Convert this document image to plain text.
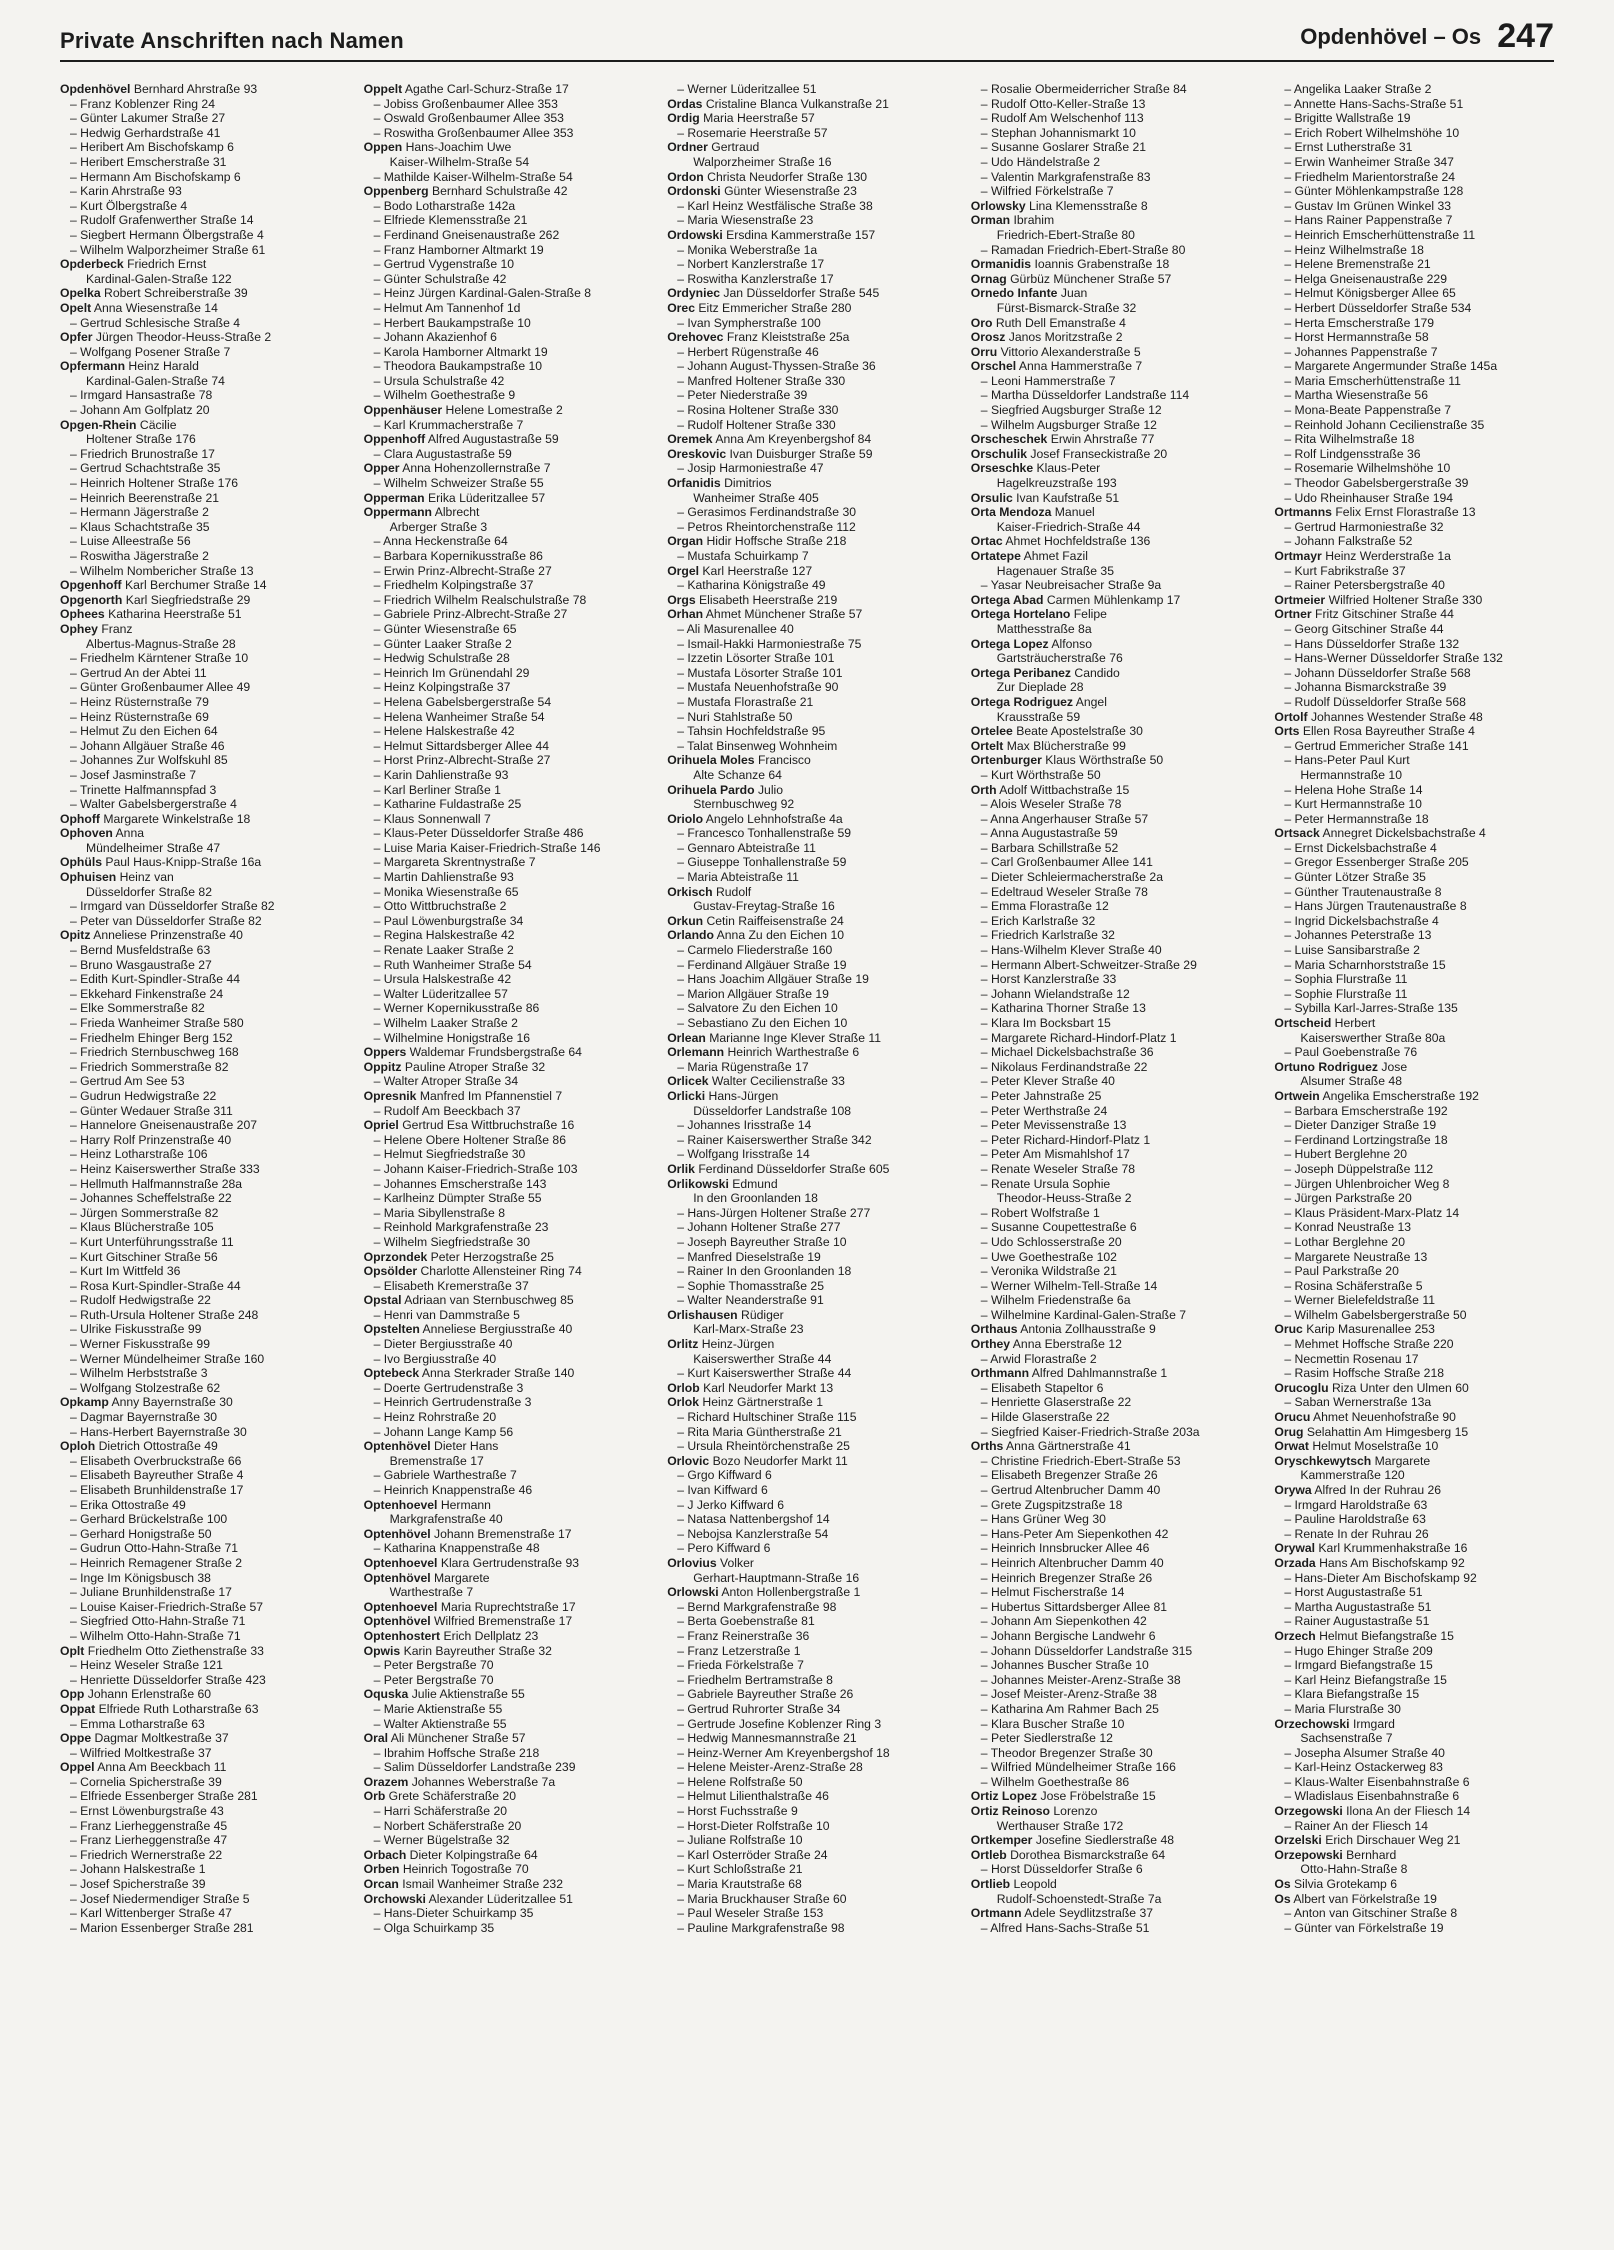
Private Anschriften nach Namen	Opdenhövel – Os 247
Opdenhövel Bernhard Ahrstraße 93
– Franz Koblenzer Ring 24
– Günter Lakumer Straße 27
– Hedwig Gerhardstraße 41
– Heribert Am Bischofskamp 6
– Heribert Emscherstraße 31
– Hermann Am Bischofskamp 6
– Karin Ahrstraße 93
– Kurt Ölbergstraße 4
– Rudolf Grafenwerther Straße 14
– Siegbert Hermann Ölbergstraße 4
– Wilhelm Walporzheimer Straße 61
Opderbeck Friedrich Ernst
Kardinal-Galen-Straße 122
Opelka Robert Schreiberstraße 39
Opelt Anna Wiesenstraße 14
– Gertrud Schlesische Straße 4
Opfer Jürgen Theodor-Heuss-Straße 2
– Wolfgang Posener Straße 7
Opfermann Heinz Harald
Kardinal-Galen-Straße 74
– Irmgard Hansastraße 78
– Johann Am Golfplatz 20
Opgen-Rhein Cäcilie
Holtener Straße 176
– Friedrich Brunostraße 17
– Gertrud Schachtstraße 35
– Heinrich Holtener Straße 176
– Heinrich Beerenstraße 21
– Hermann Jägerstraße 2
– Klaus Schachtstraße 35
– Luise Alleestraße 56
– Roswitha Jägerstraße 2
– Wilhelm Nombericher Straße 13
Opgenhoff Karl Berchumer Straße 14
Opgenorth Karl Siegfriedstraße 29
Ophees Katharina Heerstraße 51
Ophey Franz
Albertus-Magnus-Straße 28
– Friedhelm Kärntener Straße 10
– Gertrud An der Abtei 11
– Günter Großenbaumer Allee 49
– Heinz Rüsternstraße 79
– Heinz Rüsternstraße 69
– Helmut Zu den Eichen 64
– Johann Allgäuer Straße 46
– Johannes Zur Wolfskuhl 85
– Josef Jasminstraße 7
– Trinette Halfmannspfad 3
– Walter Gabelsbergerstraße 4
Ophoff Margarete Winkelstraße 18
Ophoven Anna
Mündelheimer Straße 47
Ophüls Paul Haus-Knipp-Straße 16a
Ophuisen Heinz van
Düsseldorfer Straße 82
– Irmgard van Düsseldorfer Straße 82
– Peter van Düsseldorfer Straße 82
Opitz Anneliese Prinzenstraße 40
– Bernd Musfeldstraße 63
– Bruno Wasgaustraße 27
– Edith Kurt-Spindler-Straße 44
– Ekkehard Finkenstraße 24
– Elke Sommerstraße 82
– Frieda Wanheimer Straße 580
– Friedhelm Ehinger Berg 152
– Friedrich Sternbuschweg 168
– Friedrich Sommerstraße 82
– Gertrud Am See 53
– Gudrun Hedwigstraße 22
– Günter Wedauer Straße 311
– Hannelore Gneisenaustraße 207
– Harry Rolf Prinzenstraße 40
– Heinz Lotharstraße 106
– Heinz Kaiserswerther Straße 333
– Hellmuth Halfmannstraße 28a
– Johannes Scheffelstraße 22
– Jürgen Sommerstraße 82
– Klaus Blücherstraße 105
– Kurt Unterführungsstraße 11
– Kurt Gitschiner Straße 56
– Kurt Im Wittfeld 36
– Rosa Kurt-Spindler-Straße 44
– Rudolf Hedwigstraße 22
– Ruth-Ursula Holtener Straße 248
– Ulrike Fiskusstraße 99
– Werner Fiskusstraße 99
– Werner Mündelheimer Straße 160
– Wilhelm Herbststraße 3
– Wolfgang Stolzestraße 62
Opkamp Anny Bayernstraße 30
– Dagmar Bayernstraße 30
– Hans-Herbert Bayernstraße 30
Oploh Dietrich Ottostraße 49
– Elisabeth Overbruckstraße 66
– Elisabeth Bayreuther Straße 4
– Elisabeth Brunhildenstraße 17
– Erika Ottostraße 49
– Gerhard Brückelstraße 100
– Gerhard Honigstraße 50
– Gudrun Otto-Hahn-Straße 71
– Heinrich Remagener Straße 2
– Inge Im Königsbusch 38
– Juliane Brunhildenstraße 17
– Louise Kaiser-Friedrich-Straße 57
– Siegfried Otto-Hahn-Straße 71
– Wilhelm Otto-Hahn-Straße 71
Oplt Friedhelm Otto Ziethenstraße 33
– Heinz Weseler Straße 121
– Henriette Düsseldorfer Straße 423
Opp Johann Erlenstraße 60
Oppat Elfriede Ruth Lotharstraße 63
– Emma Lotharstraße 63
Oppe Dagmar Moltkestraße 37
– Wilfried Moltkestraße 37
Oppel Anna Am Beeckbach 11
– Cornelia Spicherstraße 39
– Elfriede Essenberger Straße 281
– Ernst Löwenburgstraße 43
– Franz Lierheggenstraße 45
– Franz Lierheggenstraße 47
– Friedrich Wernerstraße 22
– Johann Halskestraße 1
– Josef Spicherstraße 39
– Josef Niedermendiger Straße 5
– Karl Wittenberger Straße 47
– Marion Essenberger Straße 281
Oppelt Agathe Carl-Schurz-Straße 17
– Jobiss Großenbaumer Allee 353
– Oswald Großenbaumer Allee 353
– Roswitha Großenbaumer Allee 353
Oppen Hans-Joachim Uwe
Kaiser-Wilhelm-Straße 54
– Mathilde Kaiser-Wilhelm-Straße 54
Oppenberg Bernhard Schulstraße 42
– Bodo Lotharstraße 142a
– Elfriede Klemensstraße 21
– Ferdinand Gneisenaustraße 262
– Franz Hamborner Altmarkt 19
– Gertrud Vygenstraße 10
– Günter Schulstraße 42
– Heinz Jürgen Kardinal-Galen-Straße 8
– Helmut Am Tannenhof 1d
– Herbert Baukampstraße 10
– Johann Akazienhof 6
– Karola Hamborner Altmarkt 19
– Theodora Baukampstraße 10
– Ursula Schulstraße 42
– Wilhelm Goethestraße 9
Oppenhäuser Helene Lomestraße 2
– Karl Krummacherstraße 7
Oppenhoff Alfred Augustastraße 59
– Clara Augustastraße 59
Opper Anna Hohenzollernstraße 7
– Wilhelm Schweizer Straße 55
Opperman Erika Lüderitzallee 57
Oppermann Albrecht
Arberger Straße 3
– Anna Heckenstraße 64
– Barbara Kopernikusstraße 86
– Erwin Prinz-Albrecht-Straße 27
– Friedhelm Kolpingstraße 37
– Friedrich Wilhelm Realschulstraße 78
– Gabriele Prinz-Albrecht-Straße 27
– Günter Wiesenstraße 65
– Günter Laaker Straße 2
– Hedwig Schulstraße 28
– Heinrich Im Grünendahl 29
– Heinz Kolpingstraße 37
– Helena Gabelsbergerstraße 54
– Helena Wanheimer Straße 54
– Helene Halskestraße 42
– Helmut Sittardsberger Allee 44
– Horst Prinz-Albrecht-Straße 27
– Karin Dahlienstraße 93
– Karl Berliner Straße 1
– Katharine Fuldastraße 25
– Klaus Sonnenwall 7
– Klaus-Peter Düsseldorfer Straße 486
– Luise Maria Kaiser-Friedrich-Straße 146
– Margareta Skrentnystraße 7
– Martin Dahlienstraße 93
– Monika Wiesenstraße 65
– Otto Wittbruchstraße 2
– Paul Löwenburgstraße 34
– Regina Halskestraße 42
– Renate Laaker Straße 2
– Ruth Wanheimer Straße 54
– Ursula Halskestraße 42
– Walter Lüderitzallee 57
– Werner Kopernikusstraße 86
– Wilhelm Laaker Straße 2
– Wilhelmine Honigstraße 16
Oppers Waldemar Frundsbergstraße 64
Oppitz Pauline Atroper Straße 32
– Walter Atroper Straße 34
Opresnik Manfred Im Pfannenstiel 7
– Rudolf Am Beeckbach 37
Opriel Gertrud Esa Wittbruchstraße 16
– Helene Obere Holtener Straße 86
– Helmut Siegfriedstraße 30
– Johann Kaiser-Friedrich-Straße 103
– Johannes Emscherstraße 143
– Karlheinz Dümpter Straße 55
– Maria Sibyllenstraße 8
– Reinhold Markgrafenstraße 23
– Wilhelm Siegfriedstraße 30
Oprzondek Peter Herzogstraße 25
Opsölder Charlotte Allensteiner Ring 74
– Elisabeth Kremerstraße 37
Opstal Adriaan van Sternbuschweg 85
– Henri van Dammstraße 5
Opstelten Anneliese Bergiusstraße 40
– Dieter Bergiusstraße 40
– Ivo Bergiusstraße 40
Optebeck Anna Sterkrader Straße 140
– Doerte Gertrudenstraße 3
– Heinrich Gertrudenstraße 3
– Heinz Rohrstraße 20
– Johann Lange Kamp 56
Optenhövel Dieter Hans
Bremenstraße 17
– Gabriele Warthestraße 7
– Heinrich Knappenstraße 46
Optenhoevel Hermann
Markgrafenstraße 40
Optenhövel Johann Bremenstraße 17
– Katharina Knappenstraße 48
Optenhoevel Klara Gertrudenstraße 93
Optenhövel Margarete
Warthestraße 7
Optenhoevel Maria Ruprechtstraße 17
Optenhövel Wilfried Bremenstraße 17
Optenhostert Erich Dellplatz 23
Opwis Karin Bayreuther Straße 32
– Peter Bergstraße 70
– Peter Bergstraße 70
Oquska Julie Aktienstraße 55
– Marie Aktienstraße 55
– Walter Aktienstraße 55
Oral Ali Münchener Straße 57
– Ibrahim Hoffsche Straße 218
– Salim Düsseldorfer Landstraße 239
Orazem Johannes Weberstraße 7a
Orb Grete Schäferstraße 20
– Harri Schäferstraße 20
– Norbert Schäferstraße 20
– Werner Bügelstraße 32
Orbach Dieter Kolpingstraße 64
Orben Heinrich Togostraße 70
Orcan Ismail Wanheimer Straße 232
Orchowski Alexander Lüderitzallee 51
– Hans-Dieter Schuirkamp 35
– Olga Schuirkamp 35
– Werner Lüderitzallee 51
Ordas Cristaline Blanca Vulkanstraße 21
Ordig Maria Heerstraße 57
– Rosemarie Heerstraße 57
Ordner Gertraud
Walporzheimer Straße 16
Ordon Christa Neudorfer Straße 130
Ordonski Günter Wiesenstraße 23
– Karl Heinz Westfälische Straße 38
– Maria Wiesenstraße 23
Ordowski Ersdina Kammerstraße 157
– Monika Weberstraße 1a
– Norbert Kanzlerstraße 17
– Roswitha Kanzlerstraße 17
Ordyniec Jan Düsseldorfer Straße 545
Orec Eitz Emmericher Straße 280
– Ivan Sympherstraße 100
Orehovec Franz Kleiststraße 25a
– Herbert Rügenstraße 46
– Johann August-Thyssen-Straße 36
– Manfred Holtener Straße 330
– Peter Niederstraße 39
– Rosina Holtener Straße 330
– Rudolf Holtener Straße 330
Oremek Anna Am Kreyenbergshof 84
Oreskovic Ivan Duisburger Straße 59
– Josip Harmoniestraße 47
Orfanidis Dimitrios
Wanheimer Straße 405
– Gerasimos Ferdinandstraße 30
– Petros Rheintorchenstraße 112
Organ Hidir Hoffsche Straße 218
– Mustafa Schuirkamp 7
Orgel Karl Heerstraße 127
– Katharina Königstraße 49
Orgs Elisabeth Heerstraße 219
Orhan Ahmet Münchener Straße 57
– Ali Masurenallee 40
– Ismail-Hakki Harmoniestraße 75
– Izzetin Lösorter Straße 101
– Mustafa Lösorter Straße 101
– Mustafa Neuenhofstraße 90
– Mustafa Florastraße 21
– Nuri Stahlstraße 50
– Tahsin Hochfeldstraße 95
– Talat Binsenweg Wohnheim
Orihuela Moles Francisco
Alte Schanze 64
Orihuela Pardo Julio
Sternbuschweg 92
Oriolo Angelo Lehnhofstraße 4a
– Francesco Tonhallenstraße 59
– Gennaro Abteistraße 11
– Giuseppe Tonhallenstraße 59
– Maria Abteistraße 11
Orkisch Rudolf
Gustav-Freytag-Straße 16
Orkun Cetin Raiffeisenstraße 24
Orlando Anna Zu den Eichen 10
– Carmelo Fliederstraße 160
– Ferdinand Allgäuer Straße 19
– Hans Joachim Allgäuer Straße 19
– Marion Allgäuer Straße 19
– Salvatore Zu den Eichen 10
– Sebastiano Zu den Eichen 10
Orlean Marianne Inge Klever Straße 11
Orlemann Heinrich Warthestraße 6
– Maria Rügenstraße 17
Orlicek Walter Cecilienstraße 33
Orlicki Hans-Jürgen
Düsseldorfer Landstraße 108
– Johannes Irisstraße 14
– Rainer Kaiserswerther Straße 342
– Wolfgang Irisstraße 14
Orlik Ferdinand Düsseldorfer Straße 605
Orlikowski Edmund
In den Groonlanden 18
– Hans-Jürgen Holtener Straße 277
– Johann Holtener Straße 277
– Joseph Bayreuther Straße 10
– Manfred Dieselstraße 19
– Rainer In den Groonlanden 18
– Sophie Thomasstraße 25
– Walter Neanderstraße 91
Orlishausen Rüdiger
Karl-Marx-Straße 23
Orlitz Heinz-Jürgen
Kaiserswerther Straße 44
– Kurt Kaiserswerther Straße 44
Orlob Karl Neudorfer Markt 13
Orlok Heinz Gärtnerstraße 1
– Richard Hultschiner Straße 115
– Rita Maria Güntherstraße 21
– Ursula Rheintörchenstraße 25
Orlovic Bozo Neudorfer Markt 11
– Grgo Kiffward 6
– Ivan Kiffward 6
– J Jerko Kiffward 6
– Natasa Nattenbergshof 14
– Nebojsa Kanzlerstraße 54
– Pero Kiffward 6
Orlovius Volker
Gerhart-Hauptmann-Straße 16
Orlowski Anton Hollenbergstraße 1
– Bernd Markgrafenstraße 98
– Berta Goebenstraße 81
– Franz Reinerstraße 36
– Franz Letzerstraße 1
– Frieda Förkelstraße 7
– Friedhelm Bertramstraße 8
– Gabriele Bayreuther Straße 26
– Gertrud Ruhrorter Straße 34
– Gertrude Josefine Koblenzer Ring 3
– Hedwig Mannesmannstraße 21
– Heinz-Werner Am Kreyenbergshof 18
– Helene Meister-Arenz-Straße 28
– Helene Rolfstraße 50
– Helmut Lilienthalstraße 46
– Horst Fuchsstraße 9
– Horst-Dieter Rolfstraße 10
– Juliane Rolfstraße 10
– Karl Osterröder Straße 24
– Kurt Schloßstraße 21
– Maria Krautstraße 68
– Maria Bruckhauser Straße 60
– Paul Weseler Straße 153
– Pauline Markgrafenstraße 98
– Rosalie Obermeiderricher Straße 84
– Rudolf Otto-Keller-Straße 13
– Rudolf Am Welschenhof 113
– Stephan Johannismarkt 10
– Susanne Goslarer Straße 21
– Udo Händelstraße 2
– Valentin Markgrafenstraße 83
– Wilfried Förkelstraße 7
Orlowsky Lina Klemensstraße 8
Orman Ibrahim
Friedrich-Ebert-Straße 80
– Ramadan Friedrich-Ebert-Straße 80
Ormanidis Ioannis Grabenstraße 18
Ornag Gürbüz Münchener Straße 57
Ornedo Infante Juan
Fürst-Bismarck-Straße 32
Oro Ruth Dell Emanstraße 4
Orosz Janos Moritzstraße 2
Orru Vittorio Alexanderstraße 5
Orschel Anna Hammerstraße 7
– Leoni Hammerstraße 7
– Martha Düsseldorfer Landstraße 114
– Siegfried Augsburger Straße 12
– Wilhelm Augsburger Straße 12
Orscheschek Erwin Ahrstraße 77
Orschulik Josef Franseckistraße 20
Orseschke Klaus-Peter
Hagelkreuzstraße 193
Orsulic Ivan Kaufstraße 51
Orta Mendoza Manuel
Kaiser-Friedrich-Straße 44
Ortac Ahmet Hochfeldstraße 136
Ortatepe Ahmet Fazil
Hagenauer Straße 35
– Yasar Neubreisacher Straße 9a
Ortega Abad Carmen Mühlenkamp 17
Ortega Hortelano Felipe
Matthesstraße 8a
Ortega Lopez Alfonso
Gartsträucherstraße 76
Ortega Peribanez Candido
Zur Dieplade 28
Ortega Rodriguez Angel
Krausstraße 59
Ortelee Beate Apostelstraße 30
Ortelt Max Blücherstraße 99
Ortenburger Klaus Wörthstraße 50
– Kurt Wörthstraße 50
Orth Adolf Wittbachstraße 15
– Alois Weseler Straße 78
– Anna Angerhauser Straße 57
– Anna Augustastraße 59
– Barbara Schillstraße 52
– Carl Großenbaumer Allee 141
– Dieter Schleiermacherstraße 2a
– Edeltraud Weseler Straße 78
– Emma Florastraße 12
– Erich Karlstraße 32
– Friedrich Karlstraße 32
– Hans-Wilhelm Klever Straße 40
– Hermann Albert-Schweitzer-Straße 29
– Horst Kanzlerstraße 33
– Johann Wielandstraße 12
– Katharina Thorner Straße 13
– Klara Im Bocksbart 15
– Margarete Richard-Hindorf-Platz 1
– Michael Dickelsbachstraße 36
– Nikolaus Ferdinandstraße 22
– Peter Klever Straße 40
– Peter Jahnstraße 25
– Peter Werthstraße 24
– Peter Mevissenstraße 13
– Peter Richard-Hindorf-Platz 1
– Peter Am Mismahlshof 17
– Renate Weseler Straße 78
– Renate Ursula Sophie
Theodor-Heuss-Straße 2
– Robert Wolfstraße 1
– Susanne Coupettestraße 6
– Udo Schlosserstraße 20
– Uwe Goethestraße 102
– Veronika Wildstraße 21
– Werner Wilhelm-Tell-Straße 14
– Wilhelm Friedenstraße 6a
– Wilhelmine Kardinal-Galen-Straße 7
Orthaus Antonia Zollhausstraße 9
Orthey Anna Eberstraße 12
– Arwid Florastraße 2
Orthmann Alfred Dahlmannstraße 1
– Elisabeth Stapeltor 6
– Henriette Glaserstraße 22
– Hilde Glaserstraße 22
– Siegfried Kaiser-Friedrich-Straße 203a
Orths Anna Gärtnerstraße 41
– Christine Friedrich-Ebert-Straße 53
– Elisabeth Bregenzer Straße 26
– Gertrud Altenbrucher Damm 40
– Grete Zugspitzstraße 18
– Hans Grüner Weg 30
– Hans-Peter Am Siepenkothen 42
– Heinrich Innsbrucker Allee 46
– Heinrich Altenbrucher Damm 40
– Heinrich Bregenzer Straße 26
– Helmut Fischerstraße 14
– Hubertus Sittardsberger Allee 81
– Johann Am Siepenkothen 42
– Johann Bergische Landwehr 6
– Johann Düsseldorfer Landstraße 315
– Johannes Buscher Straße 10
– Johannes Meister-Arenz-Straße 38
– Josef Meister-Arenz-Straße 38
– Katharina Am Rahmer Bach 25
– Klara Buscher Straße 10
– Peter Siedlerstraße 12
– Theodor Bregenzer Straße 30
– Wilfried Mündelheimer Straße 166
– Wilhelm Goethestraße 86
Ortiz Lopez Jose Fröbelstraße 15
Ortiz Reinoso Lorenzo
Werthauser Straße 172
Ortkemper Josefine Siedlerstraße 48
Ortleb Dorothea Bismarckstraße 64
– Horst Düsseldorfer Straße 6
Ortlieb Leopold
Rudolf-Schoenstedt-Straße 7a
Ortmann Adele Seydlitzstraße 37
– Alfred Hans-Sachs-Straße 51
– Angelika Laaker Straße 2
– Annette Hans-Sachs-Straße 51
– Brigitte Wallstraße 19
– Erich Robert Wilhelmshöhe 10
– Ernst Lutherstraße 31
– Erwin Wanheimer Straße 347
– Friedhelm Marientorstraße 24
– Günter Möhlenkampstraße 128
– Gustav Im Grünen Winkel 33
– Hans Rainer Pappenstraße 7
– Heinrich Emscherhüttenstraße 11
– Heinz Wilhelmstraße 18
– Helene Bremenstraße 21
– Helga Gneisenaustraße 229
– Helmut Königsberger Allee 65
– Herbert Düsseldorfer Straße 534
– Herta Emscherstraße 179
– Horst Hermannstraße 58
– Johannes Pappenstraße 7
– Margarete Angermunder Straße 145a
– Maria Emscherhüttenstraße 11
– Martha Wiesenstraße 56
– Mona-Beate Pappenstraße 7
– Reinhold Johann Cecilienstraße 35
– Rita Wilhelmstraße 18
– Rolf Lindgensstraße 36
– Rosemarie Wilhelmshöhe 10
– Theodor Gabelsbergerstraße 39
– Udo Rheinhauser Straße 194
Ortmanns Felix Ernst Florastraße 13
– Gertrud Harmoniestraße 32
– Johann Falkstraße 52
Ortmayr Heinz Werderstraße 1a
– Kurt Fabrikstraße 37
– Rainer Petersbergstraße 40
Ortmeier Wilfried Holtener Straße 330
Ortner Fritz Gitschiner Straße 44
– Georg Gitschiner Straße 44
– Hans Düsseldorfer Straße 132
– Hans-Werner Düsseldorfer Straße 132
– Johann Düsseldorfer Straße 568
– Johanna Bismarckstraße 39
– Rudolf Düsseldorfer Straße 568
Ortolf Johannes Westender Straße 48
Orts Ellen Rosa Bayreuther Straße 4
– Gertrud Emmericher Straße 141
– Hans-Peter Paul Kurt
Hermannstraße 10
– Helena Hohe Straße 14
– Kurt Hermannstraße 10
– Peter Hermannstraße 18
Ortsack Annegret Dickelsbachstraße 4
– Ernst Dickelsbachstraße 4
– Gregor Essenberger Straße 205
– Günter Lötzer Straße 35
– Günther Trautenaustraße 8
– Hans Jürgen Trautenaustraße 8
– Ingrid Dickelsbachstraße 4
– Johannes Peterstraße 13
– Luise Sansibarstraße 2
– Maria Scharnhorststraße 15
– Sophia Flurstraße 11
– Sophie Flurstraße 11
– Sybilla Karl-Jarres-Straße 135
Ortscheid Herbert
Kaiserswerther Straße 80a
– Paul Goebenstraße 76
Ortuno Rodriguez Jose
Alsumer Straße 48
Ortwein Angelika Emscherstraße 192
– Barbara Emscherstraße 192
– Dieter Danziger Straße 19
– Ferdinand Lortzingstraße 18
– Hubert Berglehne 20
– Joseph Düppelstraße 112
– Jürgen Uhlenbroicher Weg 8
– Jürgen Parkstraße 20
– Klaus Präsident-Marx-Platz 14
– Konrad Neustraße 13
– Lothar Berglehne 20
– Margarete Neustraße 13
– Paul Parkstraße 20
– Rosina Schäferstraße 5
– Werner Bielefeldstraße 11
– Wilhelm Gabelsbergerstraße 50
Oruc Karip Masurenallee 253
– Mehmet Hoffsche Straße 220
– Necmettin Rosenau 17
– Rasim Hoffsche Straße 218
Orucoglu Riza Unter den Ulmen 60
– Saban Wernerstraße 13a
Orucu Ahmet Neuenhofstraße 90
Orug Selahattin Am Himgesberg 15
Orwat Helmut Moselstraße 10
Oryschkewytsch Margarete
Kammerstraße 120
Orywa Alfred In der Ruhrau 26
– Irmgard Haroldstraße 63
– Pauline Haroldstraße 63
– Renate In der Ruhrau 26
Orywal Karl Krummenhakstraße 16
Orzada Hans Am Bischofskamp 92
– Hans-Dieter Am Bischofskamp 92
– Horst Augustastraße 51
– Martha Augustastraße 51
– Rainer Augustastraße 51
Orzech Helmut Biefangstraße 15
– Hugo Ehinger Straße 209
– Irmgard Biefangstraße 15
– Karl Heinz Biefangstraße 15
– Klara Biefangstraße 15
– Maria Flurstraße 30
Orzechowski Irmgard
Sachsenstraße 7
– Josepha Alsumer Straße 40
– Karl-Heinz Ostackerweg 83
– Klaus-Walter Eisenbahnstraße 6
– Wladislaus Eisenbahnstraße 6
Orzegowski Ilona An der Fliesch 14
– Rainer An der Fliesch 14
Orzelski Erich Dirschauer Weg 21
Orzepowski Bernhard
Otto-Hahn-Straße 8
Os Silvia Grotekamp 6
Os Albert van Förkelstraße 19
– Anton van Gitschiner Straße 8
– Günter van Förkelstraße 19
